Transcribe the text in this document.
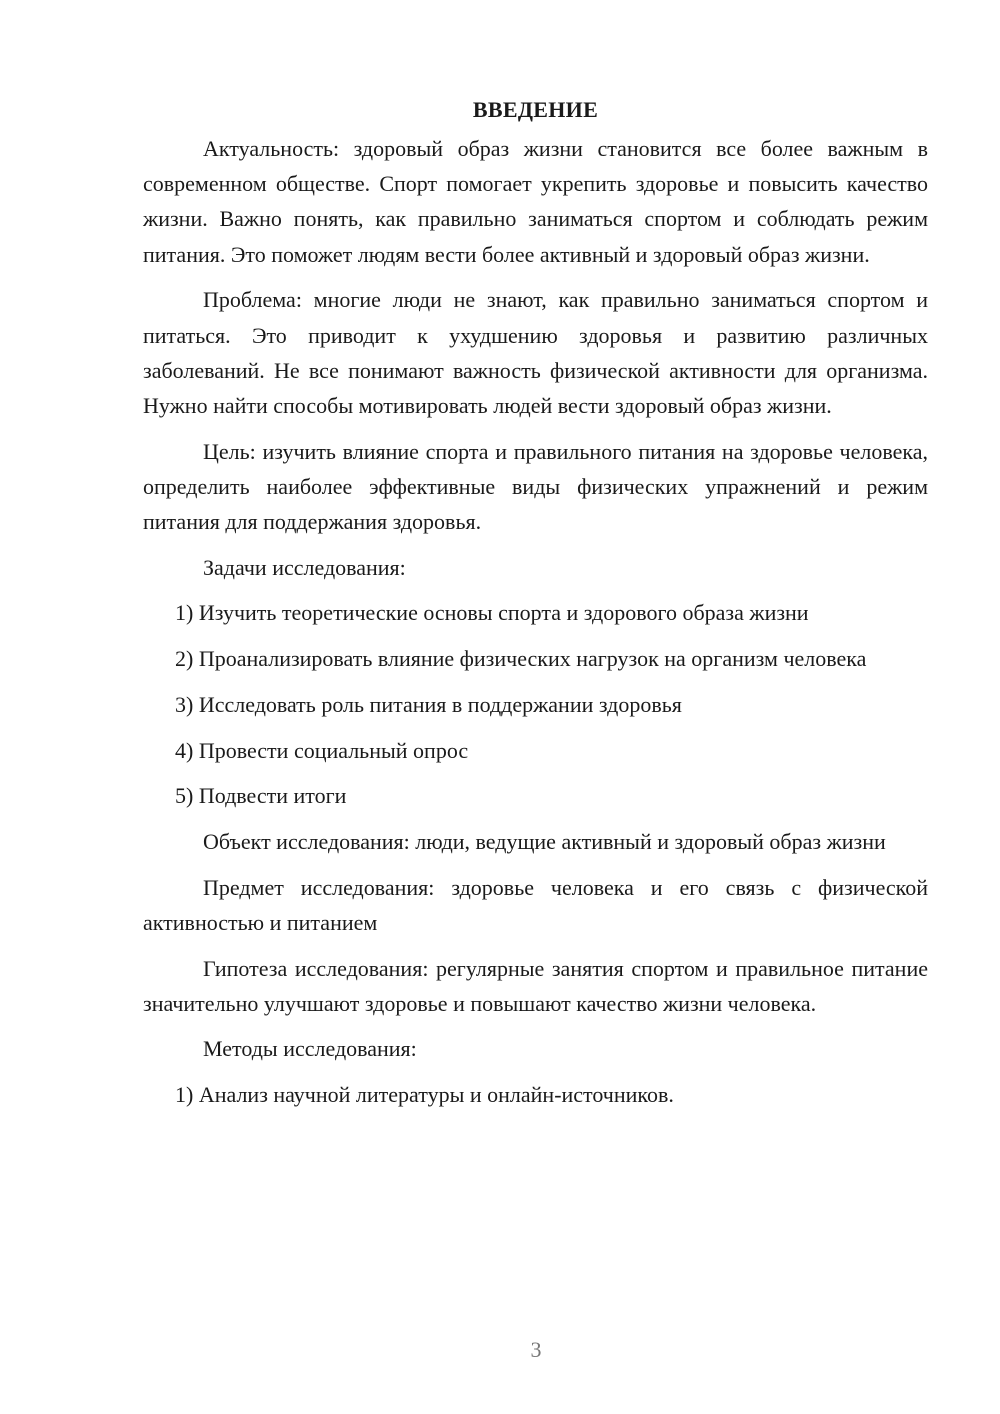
ВВЕДЕНИЕ

Актуальность: здоровый образ жизни становится все более важным в современном обществе. Спорт помогает укрепить здоровье и повысить качество жизни. Важно понять, как правильно заниматься спортом и соблюдать режим питания. Это поможет людям вести более активный и здоровый образ жизни.

Проблема: многие люди не знают, как правильно заниматься спортом и питаться. Это приводит к ухудшению здоровья и развитию различных заболеваний. Не все понимают важность физической активности для организма. Нужно найти способы мотивировать людей вести здоровый образ жизни.

Цель: изучить влияние спорта и правильного питания на здоровье человека, определить наиболее эффективные виды физических упражнений и режим питания для поддержания здоровья.

Задачи исследования:

1) Изучить теоретические основы спорта и здорового образа жизни

2) Проанализировать влияние физических нагрузок на организм человека

3) Исследовать роль питания в поддержании здоровья

4) Провести социальный опрос

5) Подвести итоги

Объект исследования: люди, ведущие активный и здоровый образ жизни

Предмет исследования: здоровье человека и его связь с физической активностью и питанием

Гипотеза исследования: регулярные занятия спортом и правильное питание значительно улучшают здоровье и повышают качество жизни человека.

Методы исследования:

1) Анализ научной литературы и онлайн-источников.

3
